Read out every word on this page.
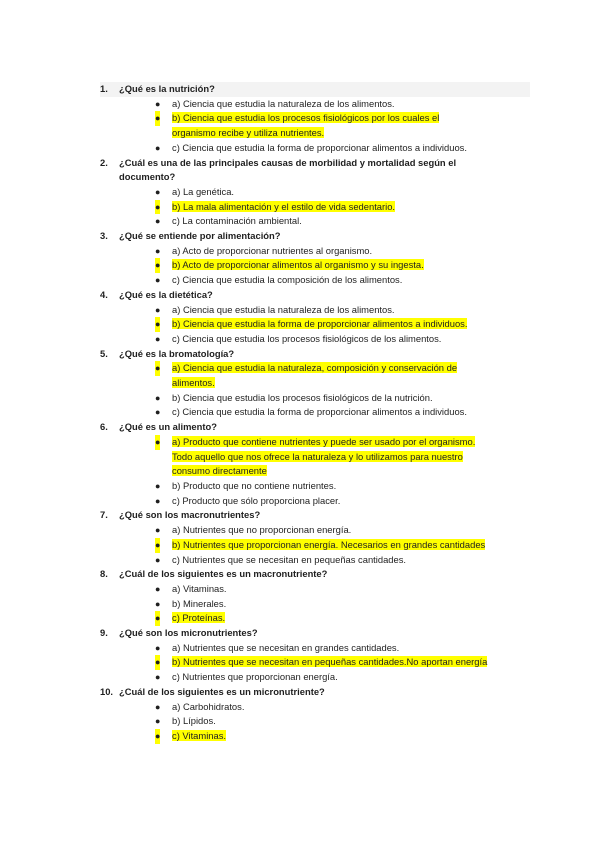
1.	¿Qué es la nutrición?
● a) Ciencia que estudia la naturaleza de los alimentos.
● b) Ciencia que estudia los procesos fisiológicos por los cuales el
organismo recibe y utiliza nutrientes.
● c) Ciencia que estudia la forma de proporcionar alimentos a individuos.
2.	¿Cuál es una de las principales causas de morbilidad y mortalidad según el
documento?
● a) La genética.
● b) La mala alimentación y el estilo de vida sedentario.
● c) La contaminación ambiental.
3.	¿Qué se entiende por alimentación?
● a) Acto de proporcionar nutrientes al organismo.
● b) Acto de proporcionar alimentos al organismo y su ingesta.
● c) Ciencia que estudia la composición de los alimentos.
4.	¿Qué es la dietética?
● a) Ciencia que estudia la naturaleza de los alimentos.
● b) Ciencia que estudia la forma de proporcionar alimentos a individuos.
● c) Ciencia que estudia los procesos fisiológicos de los alimentos.
5.	¿Qué es la bromatología?
● a) Ciencia que estudia la naturaleza, composición y conservación de
alimentos.
● b) Ciencia que estudia los procesos fisiológicos de la nutrición.
● c) Ciencia que estudia la forma de proporcionar alimentos a individuos.
6.	¿Qué es un alimento?
● a) Producto que contiene nutrientes y puede ser usado por el organismo.
Todo aquello que nos ofrece la naturaleza y lo utilizamos para nuestro
consumo directamente
● b) Producto que no contiene nutrientes.
● c) Producto que sólo proporciona placer.
7.	¿Qué son los macronutrientes?
● a) Nutrientes que no proporcionan energía.
● b) Nutrientes que proporcionan energía. Necesarios en grandes cantidades
● c) Nutrientes que se necesitan en pequeñas cantidades.
8.	¿Cuál de los siguientes es un macronutriente?
● a) Vitaminas.
● b) Minerales.
● c) Proteínas.
9.	¿Qué son los micronutrientes?
● a) Nutrientes que se necesitan en grandes cantidades.
● b) Nutrientes que se necesitan en pequeñas cantidades.No aportan energía
● c) Nutrientes que proporcionan energía.
10. ¿Cuál de los siguientes es un micronutriente?
● a) Carbohidratos.
● b) Lípidos.
● c) Vitaminas.
